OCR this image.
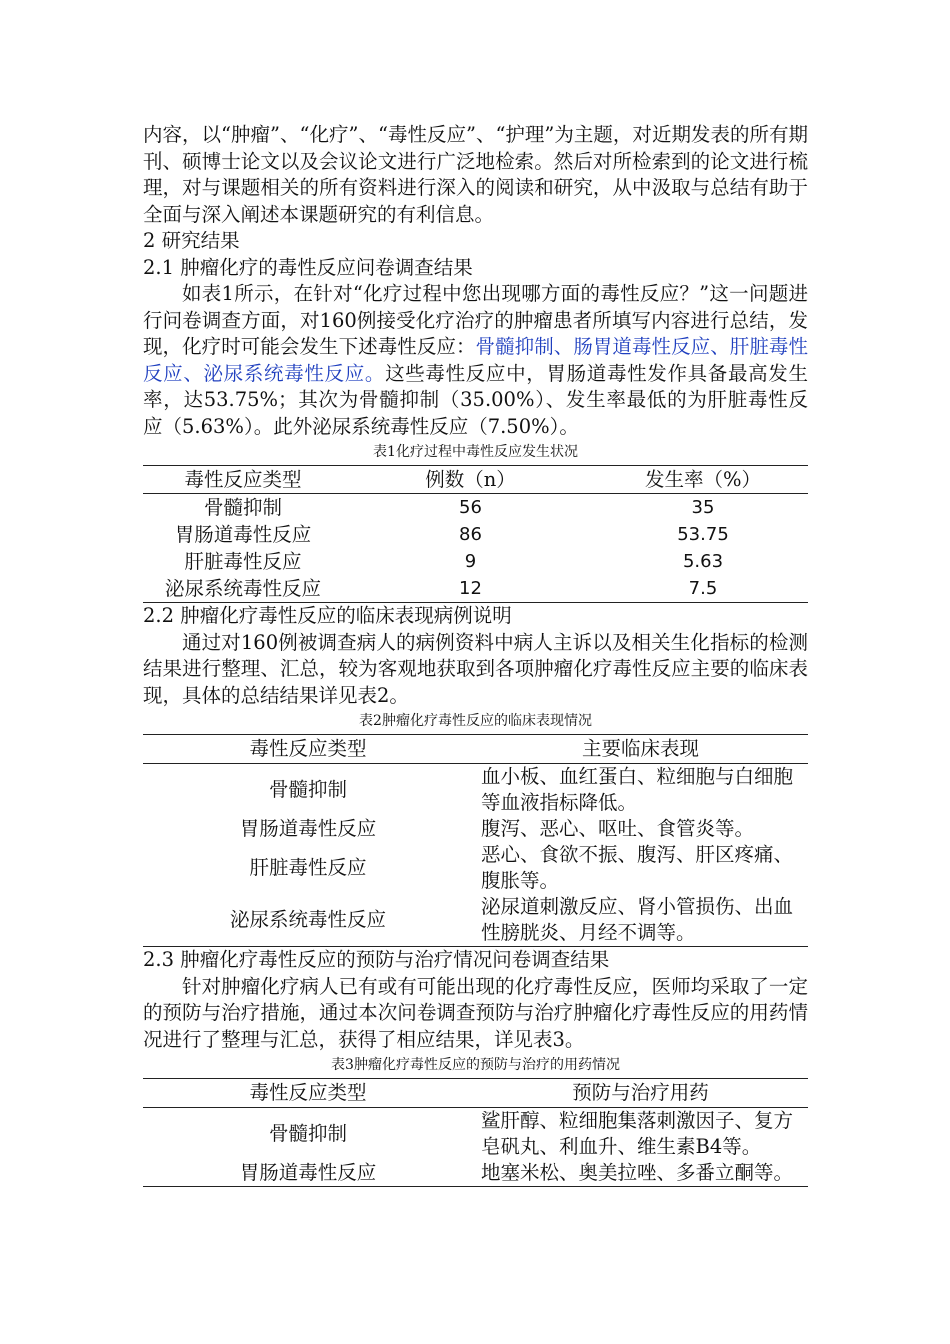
内容，以“肿瘤”、“化疗”、“毒性反应”、“护理”为主题，对近期发表的所有期刊、硕博士论文以及会议论文进行广泛地检索。然后对所检索到的论文进行梳理，对与课题相关的所有资料进行深入的阅读和研究，从中汲取与总结有助于全面与深入阐述本课题研究的有利信息。

2 研究结果

2.1 肿瘤化疗的毒性反应问卷调查结果

如表1所示，在针对“化疗过程中您出现哪方面的毒性反应？”这一问题进行问卷调查方面，对160例接受化疗治疗的肿瘤患者所填写内容进行总结，发现，化疗时可能会发生下述毒性反应：骨髓抑制、肠胃道毒性反应、肝脏毒性反应、泌尿系统毒性反应。这些毒性反应中，胃肠道毒性发作具备最高发生率，达53.75%；其次为骨髓抑制（35.00%）、发生率最低的为肝脏毒性反应（5.63%）。此外泌尿系统毒性反应（7.50%）。

表1化疗过程中毒性反应发生状况
毒性反应类型	例数（n）	发生率（%）
骨髓抑制	56	35
胃肠道毒性反应	86	53.75
肝脏毒性反应	9	5.63
泌尿系统毒性反应	12	7.5

2.2 肿瘤化疗毒性反应的临床表现病例说明

通过对160例被调查病人的病例资料中病人主诉以及相关生化指标的检测结果进行整理、汇总，较为客观地获取到各项肿瘤化疗毒性反应主要的临床表现，具体的总结结果详见表2。

表2肿瘤化疗毒性反应的临床表现情况
毒性反应类型	主要临床表现
骨髓抑制	血小板、血红蛋白、粒细胞与白细胞等血液指标降低。
胃肠道毒性反应	腹泻、恶心、呕吐、食管炎等。
肝脏毒性反应	恶心、食欲不振、腹泻、肝区疼痛、腹胀等。
泌尿系统毒性反应	泌尿道刺激反应、肾小管损伤、出血性膀胱炎、月经不调等。

2.3 肿瘤化疗毒性反应的预防与治疗情况问卷调查结果

针对肿瘤化疗病人已有或有可能出现的化疗毒性反应，医师均采取了一定的预防与治疗措施，通过本次问卷调查预防与治疗肿瘤化疗毒性反应的用药情况进行了整理与汇总，获得了相应结果，详见表3。

表3肿瘤化疗毒性反应的预防与治疗的用药情况
毒性反应类型	预防与治疗用药
骨髓抑制	鲨肝醇、粒细胞集落刺激因子、复方皂矾丸、利血升、维生素B4等。
胃肠道毒性反应	地塞米松、奥美拉唑、多番立酮等。
